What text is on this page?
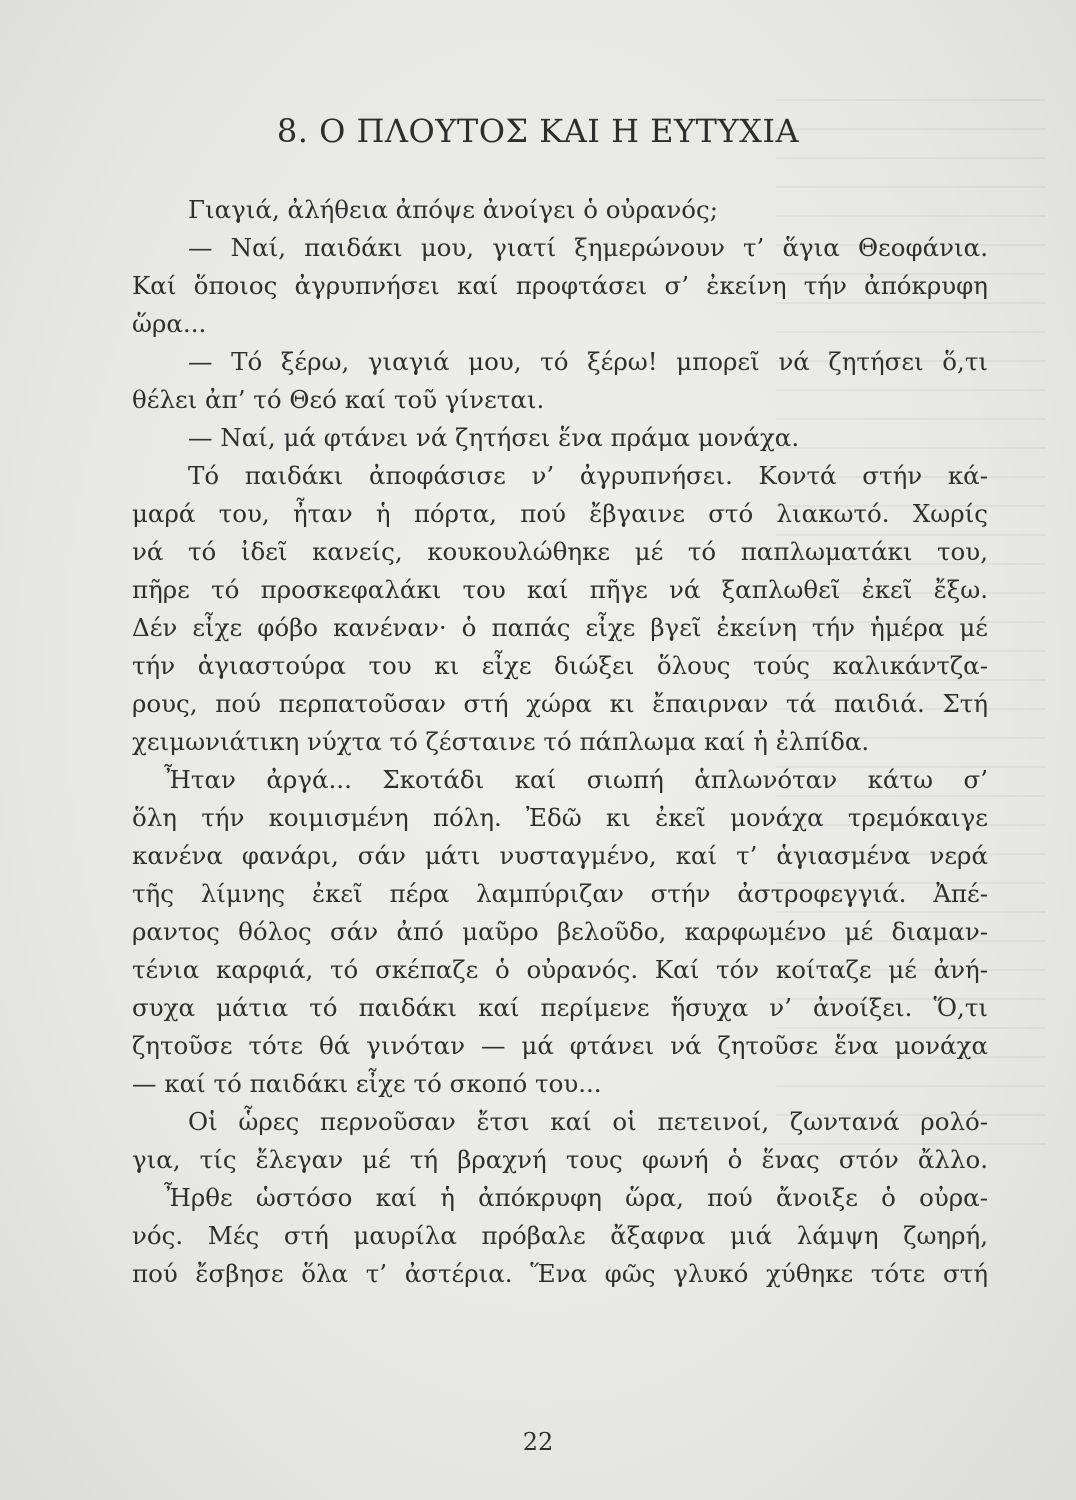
8. Ο ΠΛΟΥΤΟΣ ΚΑΙ Η ΕΥΤΥΧΙΑ
Γιαγιά, ἀλήθεια ἀπόψε ἀνοίγει ὁ οὐρανός;
— Ναί, παιδάκι μου, γιατί ξημερώνουν τ’ ἅγια Θεοφάνια.
Καί ὅποιος ἀγρυπνήσει καί προφτάσει σ’ ἐκείνη τήν ἀπόκρυφη
ὥρα...
— Τό ξέρω, γιαγιά μου, τό ξέρω! μπορεῖ νά ζητήσει ὅ,τι
θέλει ἀπ’ τό Θεό καί τοῦ γίνεται.
— Ναί, μά φτάνει νά ζητήσει ἕνα πράμα μονάχα.
Τό παιδάκι ἀποφάσισε ν’ ἀγρυπνήσει. Κοντά στήν κά-
μαρά του, ἦταν ἡ πόρτα, πού ἔβγαινε στό λιακωτό. Χωρίς
νά τό ἰδεῖ κανείς, κουκουλώθηκε μέ τό παπλωματάκι του,
πῆρε τό προσκεφαλάκι του καί πῆγε νά ξαπλωθεῖ ἐκεῖ ἔξω.
Δέν εἶχε φόβο κανέναν· ὁ παπάς εἶχε βγεῖ ἐκείνη τήν ἡμέρα μέ
τήν ἁγιαστούρα του κι εἶχε διώξει ὅλους τούς καλικάντζα-
ρους, πού περπατοῦσαν στή χώρα κι ἔπαιρναν τά παιδιά. Στή
χειμωνιάτικη νύχτα τό ζέσταινε τό πάπλωμα καί ἡ ἐλπίδα.
Ἦταν ἀργά... Σκοτάδι καί σιωπή ἁπλωνόταν κάτω σ’
ὅλη τήν κοιμισμένη πόλη. Ἐδῶ κι ἐκεῖ μονάχα τρεμόκαιγε
κανένα φανάρι, σάν μάτι νυσταγμένο, καί τ’ ἁγιασμένα νερά
τῆς λίμνης ἐκεῖ πέρα λαμπύριζαν στήν ἀστροφεγγιά. Ἀπέ-
ραντος θόλος σάν ἀπό μαῦρο βελοῦδο, καρφωμένο μέ διαμαν-
τένια καρφιά, τό σκέπαζε ὁ οὐρανός. Καί τόν κοίταζε μέ ἀνή-
συχα μάτια τό παιδάκι καί περίμενε ἥσυχα ν’ ἀνοίξει. Ὅ,τι
ζητοῦσε τότε θά γινόταν — μά φτάνει νά ζητοῦσε ἕνα μονάχα
— καί τό παιδάκι εἶχε τό σκοπό του...
Οἱ ὧρες περνοῦσαν ἔτσι καί οἱ πετεινοί, ζωντανά ρολό-
για, τίς ἔλεγαν μέ τή βραχνή τους φωνή ὁ ἕνας στόν ἄλλο.
Ἦρθε ὡστόσο καί ἡ ἀπόκρυφη ὥρα, πού ἄνοιξε ὁ οὐρα-
νός. Μές στή μαυρίλα πρόβαλε ἄξαφνα μιά λάμψη ζωηρή,
πού ἔσβησε ὅλα τ’ ἀστέρια. Ἕνα φῶς γλυκό χύθηκε τότε στή
22
